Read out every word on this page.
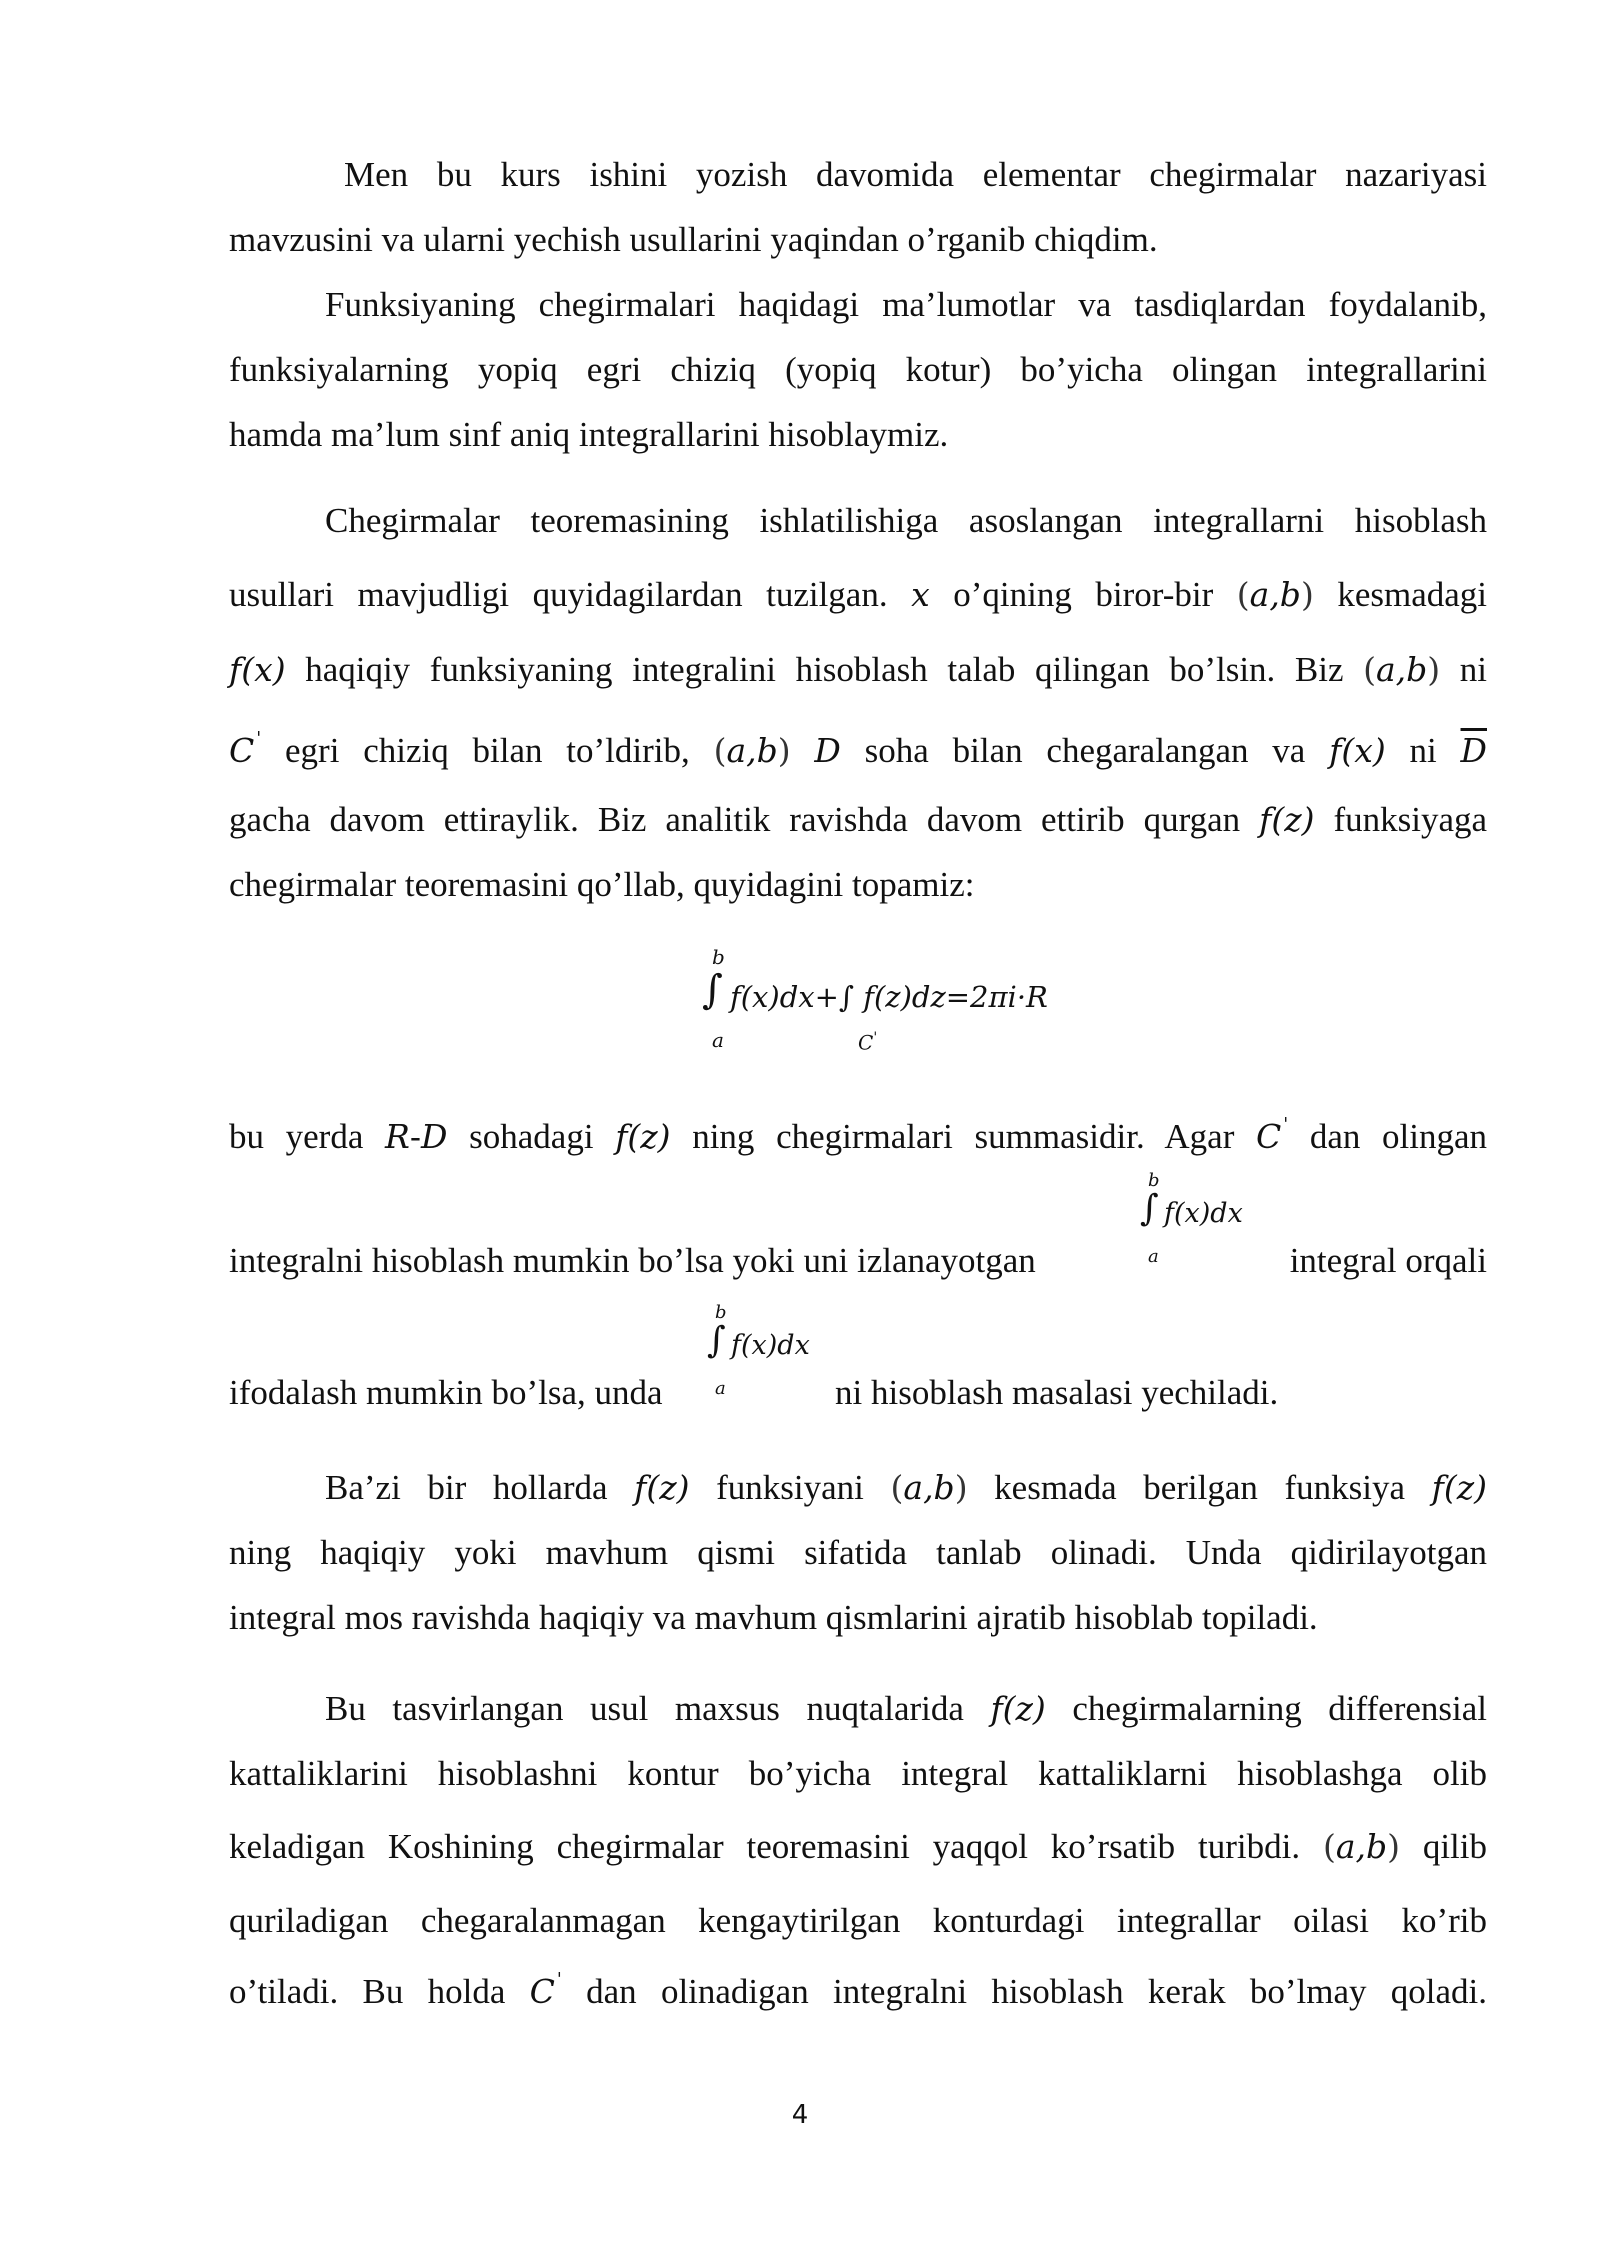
Men bu kurs ishini yozish davomida elementar chegirmalar nazariyasi
mavzusini va ularni yechish usullarini yaqindan o’rganib chiqdim.
Funksiyaning chegirmalari haqidagi ma’lumotlar va tasdiqlardan foydalanib,
funksiyalarning yopiq egri chiziq (yopiq kotur) bo’yicha olingan integrallarini
hamda ma’lum sinf aniq integrallarini hisoblaymiz.
Chegirmalar teoremasining ishlatilishiga asoslangan integrallarni hisoblash
usullari mavjudligi quyidagilardan tuzilgan. x o’qining biror-bir (a,b) kesmadagi
f(x) haqiqiy funksiyaning integralini hisoblash talab qilingan bo’lsin. Biz (a,b) ni
C ' egri chiziq bilan to’ldirib, (a,b) D soha bilan chegaralangan va f(x) ni $\overline{D}$
gacha davom ettiraylik. Biz analitik ravishda davom ettirib qurgan f(z) funksiyaga
chegirmalar teoremasini qo’llab, quyidagini topamiz:
b
∫ f(x)dx+∫ f(z)dz=2πi·R
a	C'
bu yerda R-D sohadagi f(z) ning chegirmalari summasidir. Agar C ' dan olingan
integralni hisoblash mumkin bo’lsa yoki uni izlanayotgan	integral orqali
b
∫ f(x)dx
a
ifodalash mumkin bo’lsa, unda	ni hisoblash masalasi yechiladi.
b
∫ f(x)dx
a
Ba’zi bir hollarda f(z) funksiyani (a,b) kesmada berilgan funksiya f(z)
ning haqiqiy yoki mavhum qismi sifatida tanlab olinadi. Unda qidirilayotgan
integral mos ravishda haqiqiy va mavhum qismlarini ajratib hisoblab topiladi.
Bu tasvirlangan usul maxsus nuqtalarida f(z) chegirmalarning differensial
kattaliklarini hisoblashni kontur bo’yicha integral kattaliklarni hisoblashga olib
keladigan Koshining chegirmalar teoremasini yaqqol ko’rsatib turibdi. (a,b) qilib
quriladigan chegaralanmagan kengaytirilgan konturdagi integrallar oilasi ko’rib
o’tiladi. Bu holda C ' dan olinadigan integralni hisoblash kerak bo’lmay qoladi.
4
